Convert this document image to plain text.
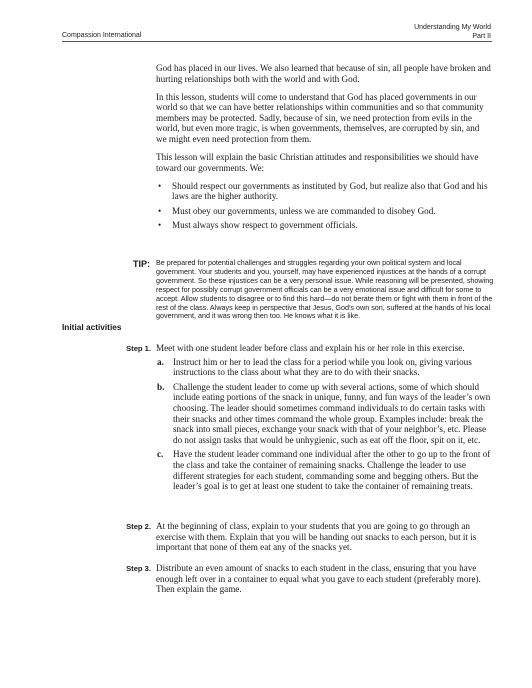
Compassion International
Understanding My World
Part II

God has placed in our lives. We also learned that because of sin, all people have broken and hurting relationships both with the world and with God.

In this lesson, students will come to understand that God has placed governments in our world so that we can have better relationships within communities and so that community members may be protected. Sadly, because of sin, we need protection from evils in the world, but even more tragic, is when governments, themselves, are corrupted by sin, and we might even need protection from them.

This lesson will explain the basic Christian attitudes and responsibilities we should have toward our governments. We:

• Should respect our governments as instituted by God, but realize also that God and his laws are the higher authority.
• Must obey our governments, unless we are commanded to disobey God.
• Must always show respect to government officials.
TIP: Be prepared for potential challenges and struggles regarding your own political system and local government. Your students and you, yourself, may have experienced injustices at the hands of a corrupt government. So these injustices can be a very personal issue. While reasoning will be presented, showing respect for possibly corrupt government officials can be a very emotional issue and difficult for some to accept. Allow students to disagree or to find this hard—do not berate them or fight with them in front of the rest of the class. Always keep in perspective that Jesus, God’s own son, suffered at the hands of his local government, and it was wrong then too. He knows what it is like.
Initial activities
Step 1. Meet with one student leader before class and explain his or her role in this exercise.
a. Instruct him or her to lead the class for a period while you look on, giving various instructions to the class about what they are to do with their snacks.
b. Challenge the student leader to come up with several actions, some of which should include eating portions of the snack in unique, funny, and fun ways of the leader’s own choosing. The leader should sometimes command individuals to do certain tasks with their snacks and other times command the whole group. Examples include: break the snack into small pieces, exchange your snack with that of your neighbor’s, etc. Please do not assign tasks that would be unhygienic, such as eat off the floor, spit on it, etc.
c. Have the student leader command one individual after the other to go up to the front of the class and take the container of remaining snacks. Challenge the leader to use different strategies for each student, commanding some and begging others. But the leader’s goal is to get at least one student to take the container of remaining treats.
Step 2. At the beginning of class, explain to your students that you are going to go through an exercise with them. Explain that you will be handing out snacks to each person, but it is important that none of them eat any of the snacks yet.
Step 3. Distribute an even amount of snacks to each student in the class, ensuring that you have enough left over in a container to equal what you gave to each student (preferably more). Then explain the game.
